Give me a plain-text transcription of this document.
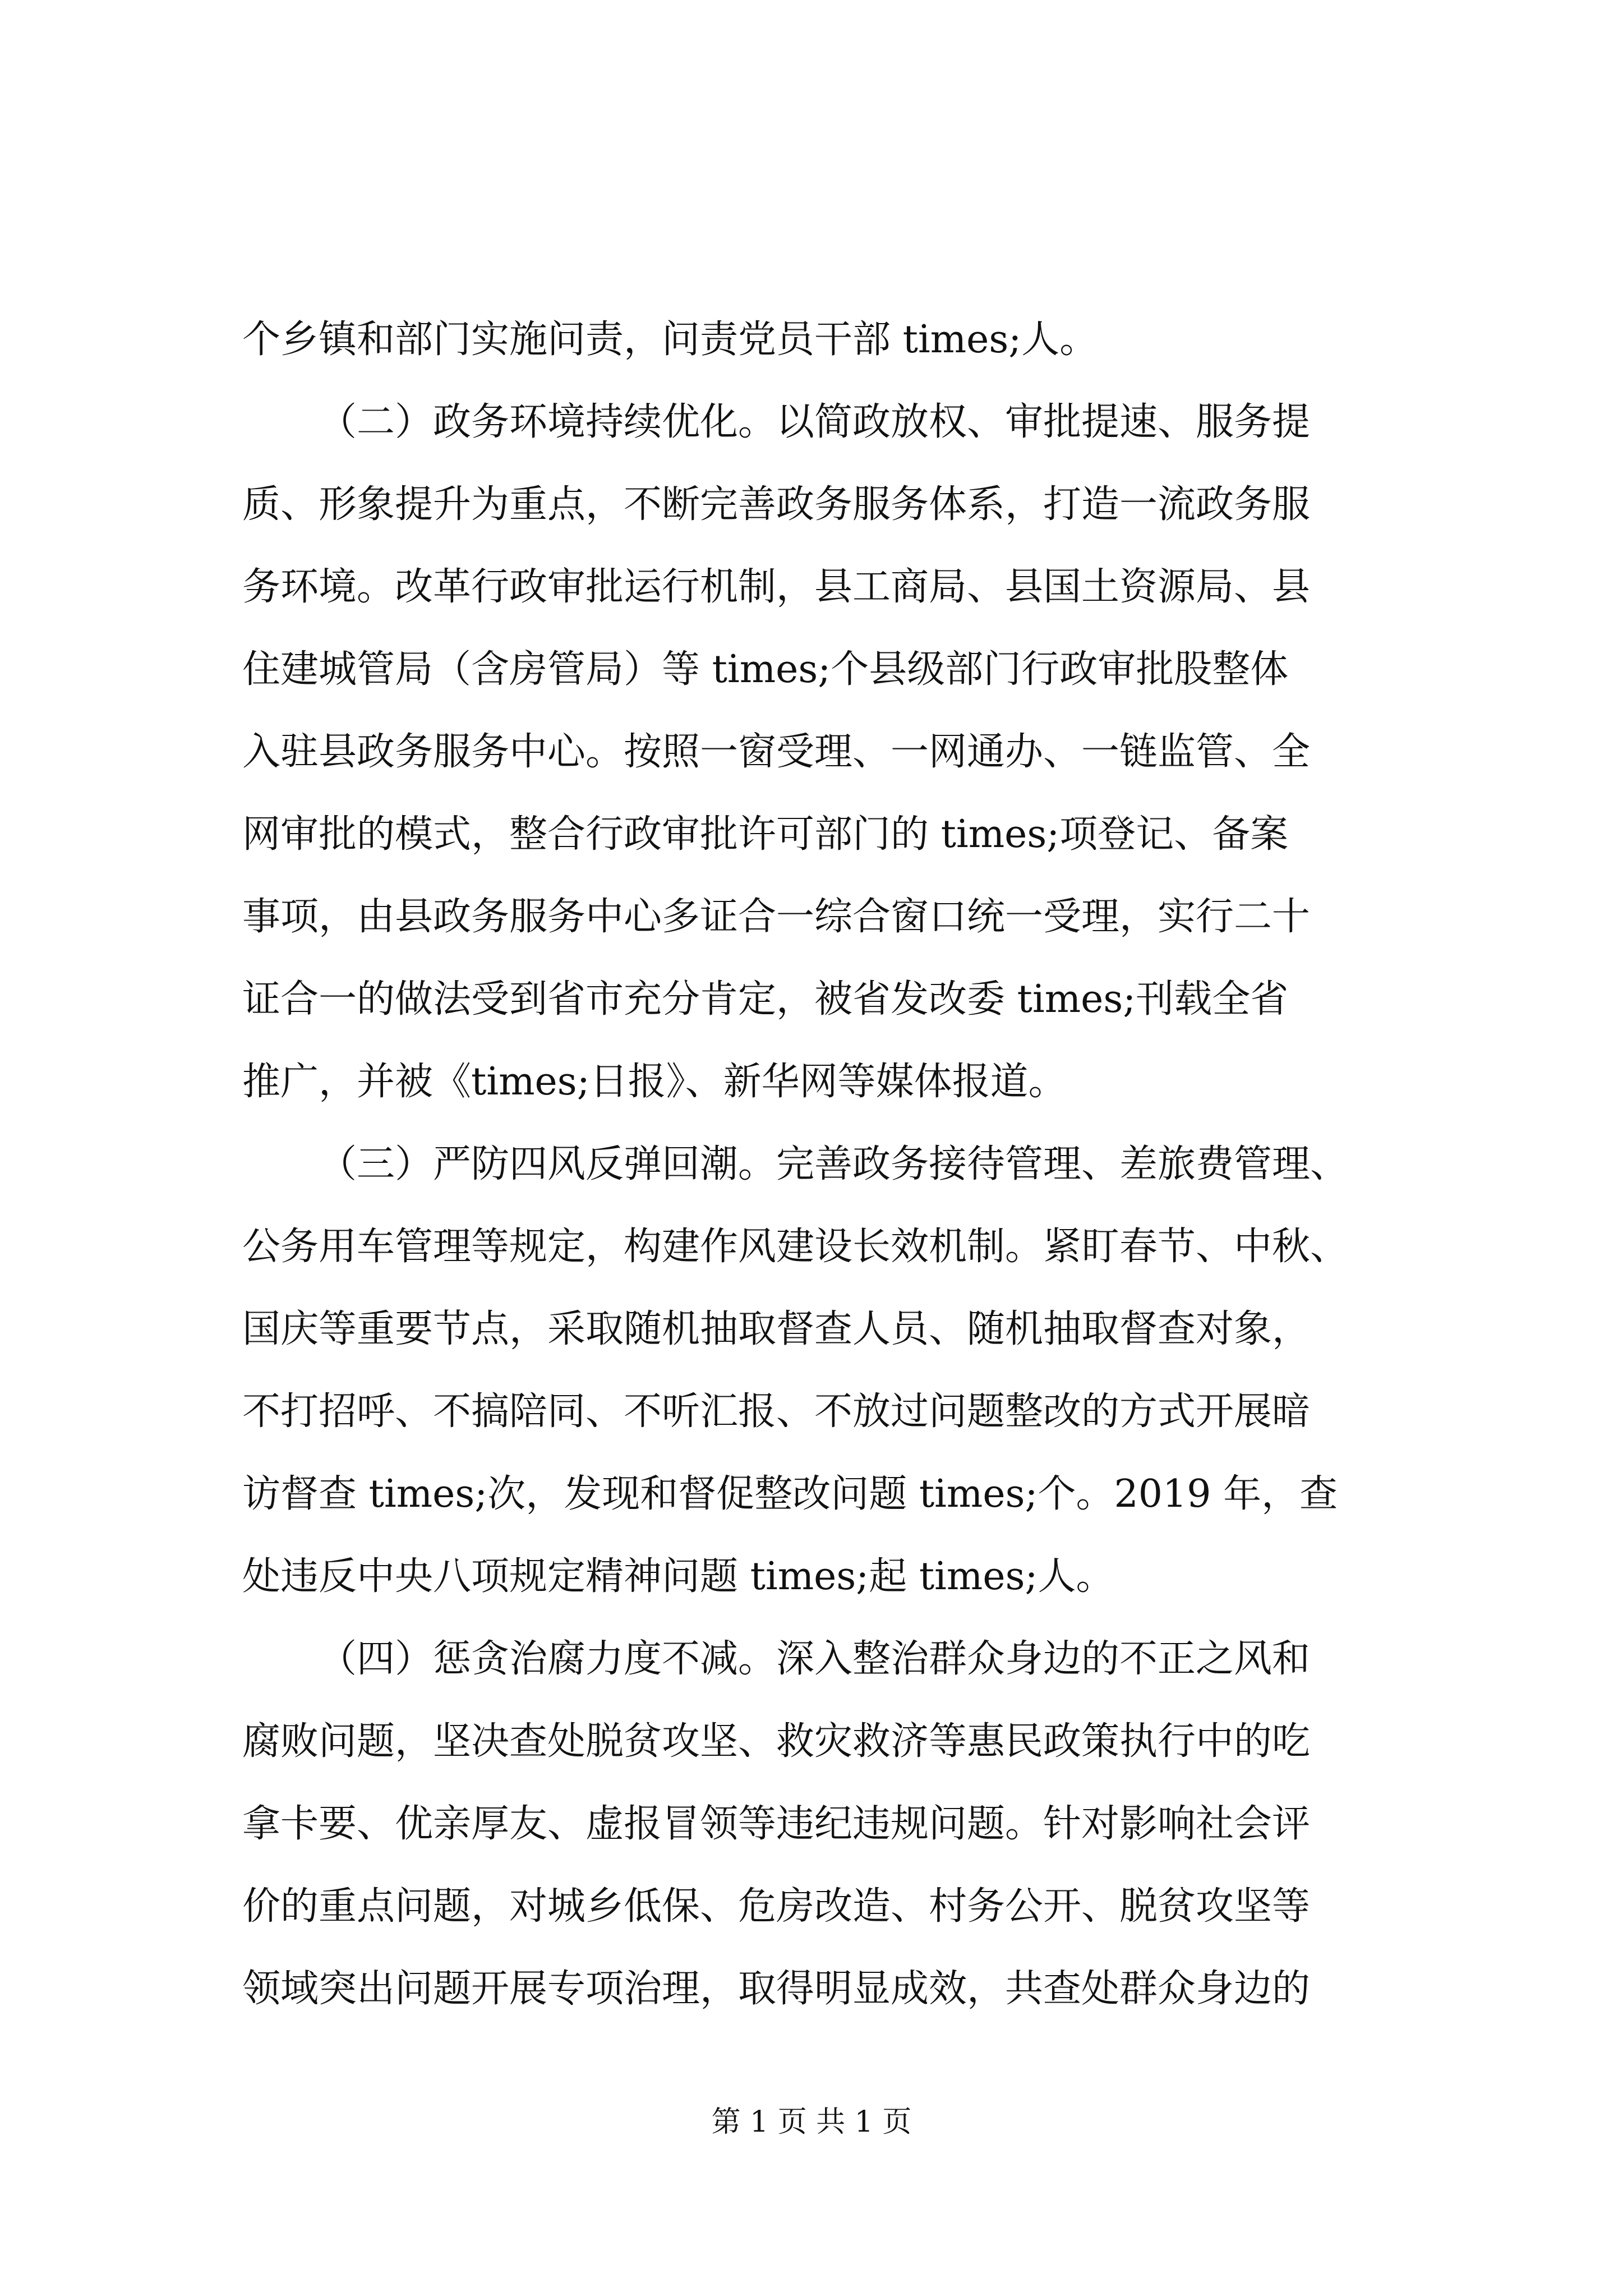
个乡镇和部门实施问责，问责党员干部 times;人。
（二）政务环境持续优化。以简政放权、审批提速、服务提
质、形象提升为重点，不断完善政务服务体系，打造一流政务服
务环境。改革行政审批运行机制，县工商局、县国土资源局、县
住建城管局（含房管局）等 times;个县级部门行政审批股整体
入驻县政务服务中心。按照一窗受理、一网通办、一链监管、全
网审批的模式，整合行政审批许可部门的 times;项登记、备案
事项，由县政务服务中心多证合一综合窗口统一受理，实行二十
证合一的做法受到省市充分肯定，被省发改委 times;刊载全省
推广，并被《times;日报》、新华网等媒体报道。
（三）严防四风反弹回潮。完善政务接待管理、差旅费管理、
公务用车管理等规定，构建作风建设长效机制。紧盯春节、中秋、
国庆等重要节点，采取随机抽取督查人员、随机抽取督查对象，
不打招呼、不搞陪同、不听汇报、不放过问题整改的方式开展暗
访督查 times;次，发现和督促整改问题 times;个。2019 年，查
处违反中央八项规定精神问题 times;起 times;人。
（四）惩贪治腐力度不减。深入整治群众身边的不正之风和
腐败问题，坚决查处脱贫攻坚、救灾救济等惠民政策执行中的吃
拿卡要、优亲厚友、虚报冒领等违纪违规问题。针对影响社会评
价的重点问题，对城乡低保、危房改造、村务公开、脱贫攻坚等
领域突出问题开展专项治理，取得明显成效，共查处群众身边的
第 1 页 共 1 页
